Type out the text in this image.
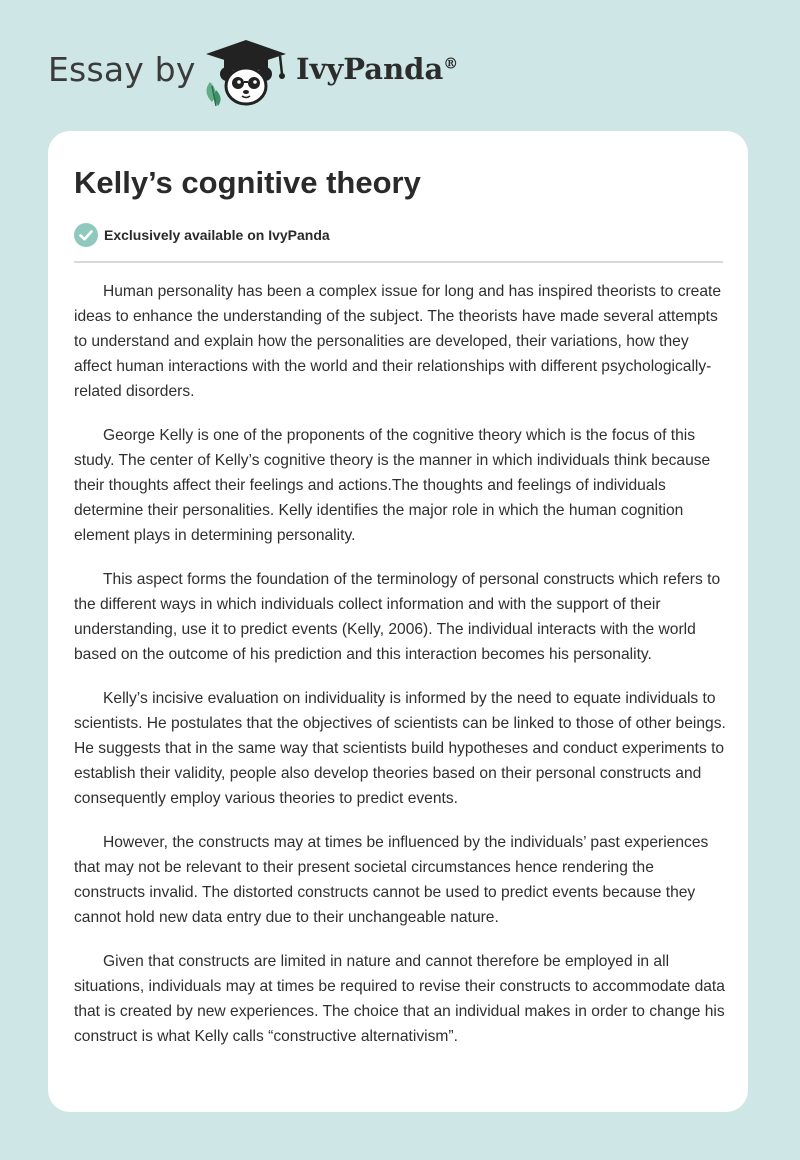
Essay by	IvyPanda®
Kelly’s cognitive theory
Exclusively available on IvyPanda

Human personality has been a complex issue for long and has inspired theorists to create ideas to enhance the understanding of the subject. The theorists have made several attempts to understand and explain how the personalities are developed, their variations, how they affect human interactions with the world and their relationships with different psychologically-related disorders.

George Kelly is one of the proponents of the cognitive theory which is the focus of this study. The center of Kelly’s cognitive theory is the manner in which individuals think because their thoughts affect their feelings and actions.The thoughts and feelings of individuals determine their personalities. Kelly identifies the major role in which the human cognition element plays in determining personality.

This aspect forms the foundation of the terminology of personal constructs which refers to the different ways in which individuals collect information and with the support of their understanding, use it to predict events (Kelly, 2006). The individual interacts with the world based on the outcome of his prediction and this interaction becomes his personality.

Kelly’s incisive evaluation on individuality is informed by the need to equate individuals to scientists. He postulates that the objectives of scientists can be linked to those of other beings. He suggests that in the same way that scientists build hypotheses and conduct experiments to establish their validity, people also develop theories based on their personal constructs and consequently employ various theories to predict events.

However, the constructs may at times be influenced by the individuals’ past experiences that may not be relevant to their present societal circumstances hence rendering the constructs invalid. The distorted constructs cannot be used to predict events because they cannot hold new data entry due to their unchangeable nature.

Given that constructs are limited in nature and cannot therefore be employed in all situations, individuals may at times be required to revise their constructs to accommodate data that is created by new experiences. The choice that an individual makes in order to change his construct is what Kelly calls “constructive alternativism”.
